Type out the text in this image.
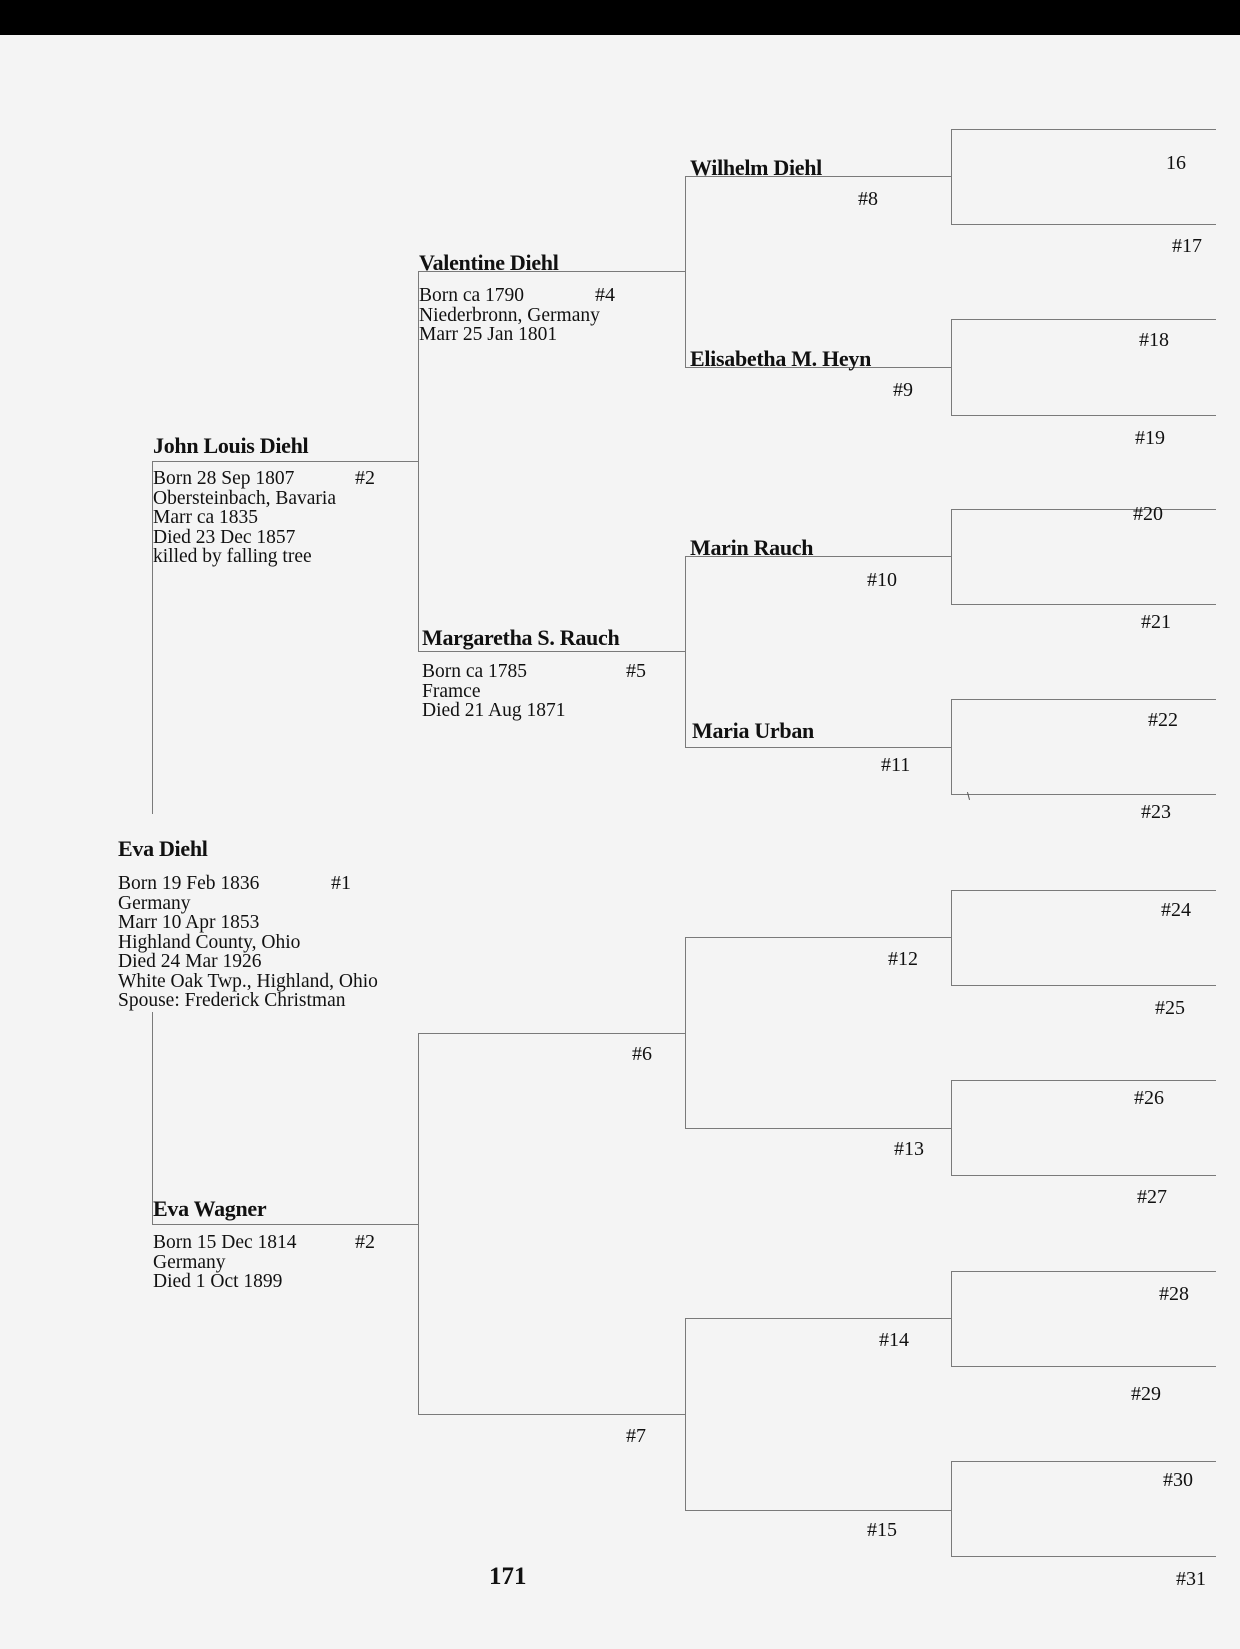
Eva Diehl
#1
Born 19 Feb 1836
Germany
Marr 10 Apr 1853
Highland County, Ohio
Died 24 Mar 1926
White Oak Twp., Highland, Ohio
Spouse: Frederick Christman
John Louis Diehl
#2
Born 28 Sep 1807
Obersteinbach, Bavaria
Marr ca 1835
Died 23 Dec 1857
killed by falling tree
Eva Wagner
#2
Born 15 Dec 1814
Germany
Died 1 Oct 1899
Valentine Diehl
#4
Born ca 1790
Niederbronn, Germany
Marr 25 Jan 1801
Margaretha S. Rauch
#5
Born ca 1785
Framce
Died 21 Aug 1871
#6
#7
Wilhelm Diehl
#8
Elisabetha M. Heyn
#9
Marin Rauch
#10
Maria Urban
#11
#12
#13
#14
#15
16
#17
#18
#19
#20
#21
#22
#23
#24
#25
#26
#27
#28
#29
#30
#31
171
